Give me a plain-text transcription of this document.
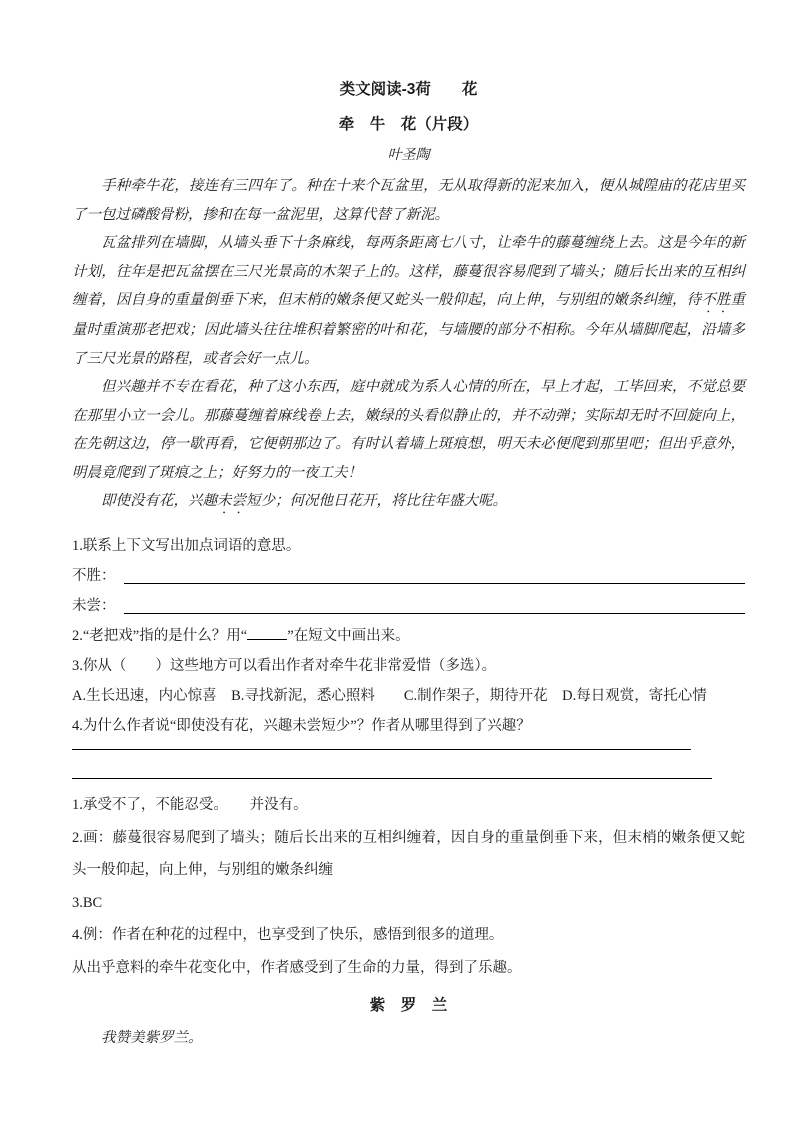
类文阅读-3荷　　花
牵　牛　花（片段）
叶圣陶

手种牵牛花，接连有三四年了。种在十来个瓦盆里，无从取得新的泥来加入，便从城隍庙的花店里买了一包过磷酸骨粉，掺和在每一盆泥里，这算代替了新泥。

瓦盆排列在墙脚，从墙头垂下十条麻线，每两条距离七八寸，让牵牛的藤蔓缠绕上去。这是今年的新计划，往年是把瓦盆摆在三尺光景高的木架子上的。这样，藤蔓很容易爬到了墙头；随后长出来的互相纠缠着，因自身的重量倒垂下来，但末梢的嫩条便又蛇头一般仰起，向上伸，与别组的嫩条纠缠，待不胜重量时重演那老把戏；因此墙头往往堆积着繁密的叶和花，与墙腰的部分不相称。今年从墙脚爬起，沿墙多了三尺光景的路程，或者会好一点儿。

但兴趣并不专在看花，种了这小东西，庭中就成为系人心情的所在，早上才起，工毕回来，不觉总要在那里小立一会儿。那藤蔓缠着麻线卷上去，嫩绿的头看似静止的，并不动弹；实际却无时不回旋向上，在先朝这边，停一歇再看，它便朝那边了。有时认着墙上斑痕想，明天未必便爬到那里吧；但出乎意外，明晨竟爬到了斑痕之上；好努力的一夜工夫！

即使没有花，兴趣未尝短少；何况他日花开，将比往年盛大呢。

1.联系上下文写出加点词语的意思。

不胜：
未尝：

2.“老把戏”指的是什么？用“	”在短文中画出来。

3.你从（　　）这些地方可以看出作者对牵牛花非常爱惜（多选）。

A.生长迅速，内心惊喜　B.寻找新泥，悉心照料　　C.制作架子，期待开花　D.每日观赏，寄托心情

4.为什么作者说“即使没有花，兴趣未尝短少”？作者从哪里得到了兴趣？

1.承受不了，不能忍受。　　并没有。

2.画：藤蔓很容易爬到了墙头；随后长出来的互相纠缠着，因自身的重量倒垂下来，但末梢的嫩条便又蛇头一般仰起，向上伸，与别组的嫩条纠缠

3.BC

4.例：作者在种花的过程中，也享受到了快乐，感悟到很多的道理。

从出乎意料的牵牛花变化中，作者感受到了生命的力量，得到了乐趣。

紫　罗　兰

我赞美紫罗兰。
